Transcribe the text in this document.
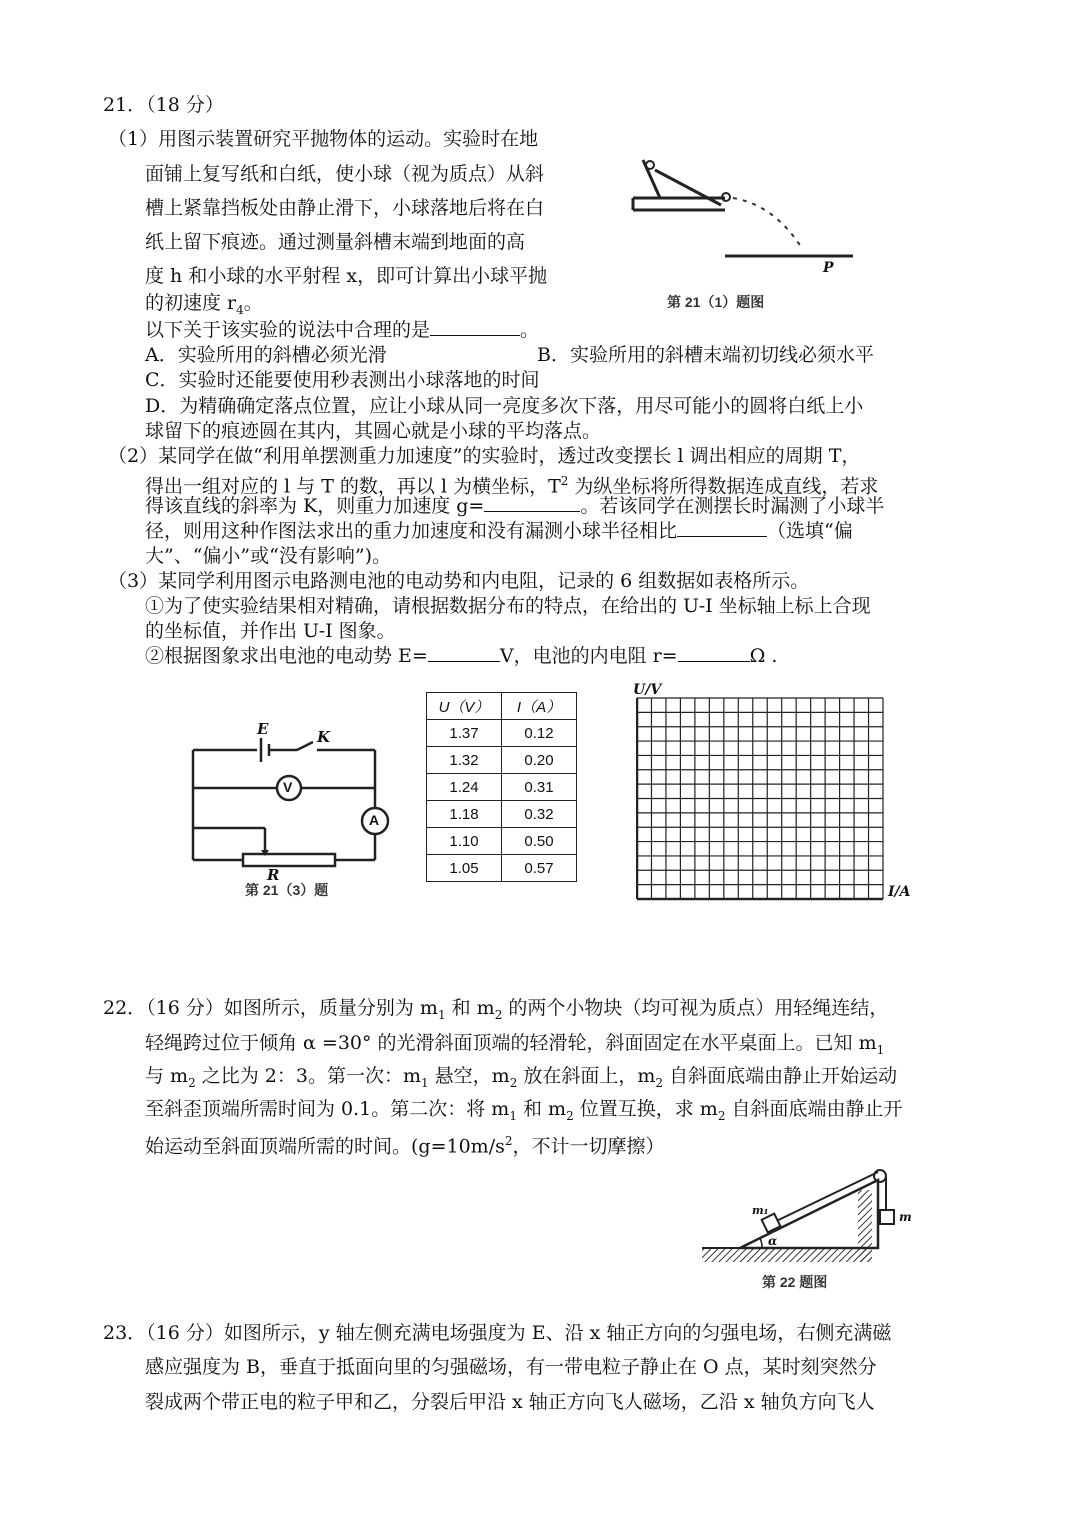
21．（18 分）
（1）用图示装置研究平抛物体的运动。实验时在地
面铺上复写纸和白纸，使小球（视为质点）从斜
槽上紧靠挡板处由静止滑下，小球落地后将在白
纸上留下痕迹。通过测量斜槽末端到地面的高
度 h 和小球的水平射程 x，即可计算出小球平抛
的初速度 $r_4$。
P
第 21（1）题图
以下关于该实验的说法中合理的是	。
A．实验所用的斜槽必须光滑	B．实验所用的斜槽末端初切线必须水平
C．实验时还能要使用秒表测出小球落地的时间
D．为精确确定落点位置，应让小球从同一亮度多次下落，用尽可能小的圆将白纸上小
球留下的痕迹圆在其内，其圆心就是小球的平均落点。
（2）某同学在做“利用单摆测重力加速度”的实验时，透过改变摆长 l 调出相应的周期 T，
得出一组对应的 l 与 T 的数，再以 l 为横坐标，$T^2$ 为纵坐标将所得数据连成直线，若求
得该直线的斜率为 K，则重力加速度 g=	。若该同学在测摆长时漏测了小球半
径，则用这种作图法求出的重力加速度和没有漏测小球半径相比	（选填“偏
大”、“偏小”或“没有影响”)。
（3）某同学利用图示电路测电池的电动势和内电阻，记录的 6 组数据如表格所示。
①为了使实验结果相对精确，请根据数据分布的特点，在给出的 U-I 坐标轴上标上合现
的坐标值，并作出 U-I 图象。
②根据图象求出电池的电动势 E=	V，电池的内电阻 r=	Ω .
E	K
V
A
R
第 21（3）题
U（V）	I（A）
1.37	0.12
1.32	0.20
1.24	0.31
1.18	0.32
1.10	0.50
1.05	0.57
U/V
I/A
22．（16 分）如图所示，质量分别为 $m_1$ 和 $m_2$ 的两个小物块（均可视为质点）用轻绳连结，
轻绳跨过位于倾角 α =30° 的光滑斜面顶端的轻滑轮，斜面固定在水平桌面上。已知 $m_1$
与 $m_2$ 之比为 2：3。第一次：$m_1$ 悬空，$m_2$ 放在斜面上，$m_2$ 自斜面底端由静止开始运动
至斜歪顶端所需时间为 0.1。第二次：将 $m_1$ 和 $m_2$ 位置互换，求 $m_2$ 自斜面底端由静止开
始运动至斜面顶端所需的时间。($g=10m/s^2$，不计一切摩擦）
m₁	m
α
第 22 题图
23．（16 分）如图所示，y 轴左侧充满电场强度为 E、沿 x 轴正方向的匀强电场，右侧充满磁
感应强度为 B，垂直于抵面向里的匀强磁场，有一带电粒子静止在 O 点，某时刻突然分
裂成两个带正电的粒子甲和乙，分裂后甲沿 x 轴正方向飞人磁场，乙沿 x 轴负方向飞人
